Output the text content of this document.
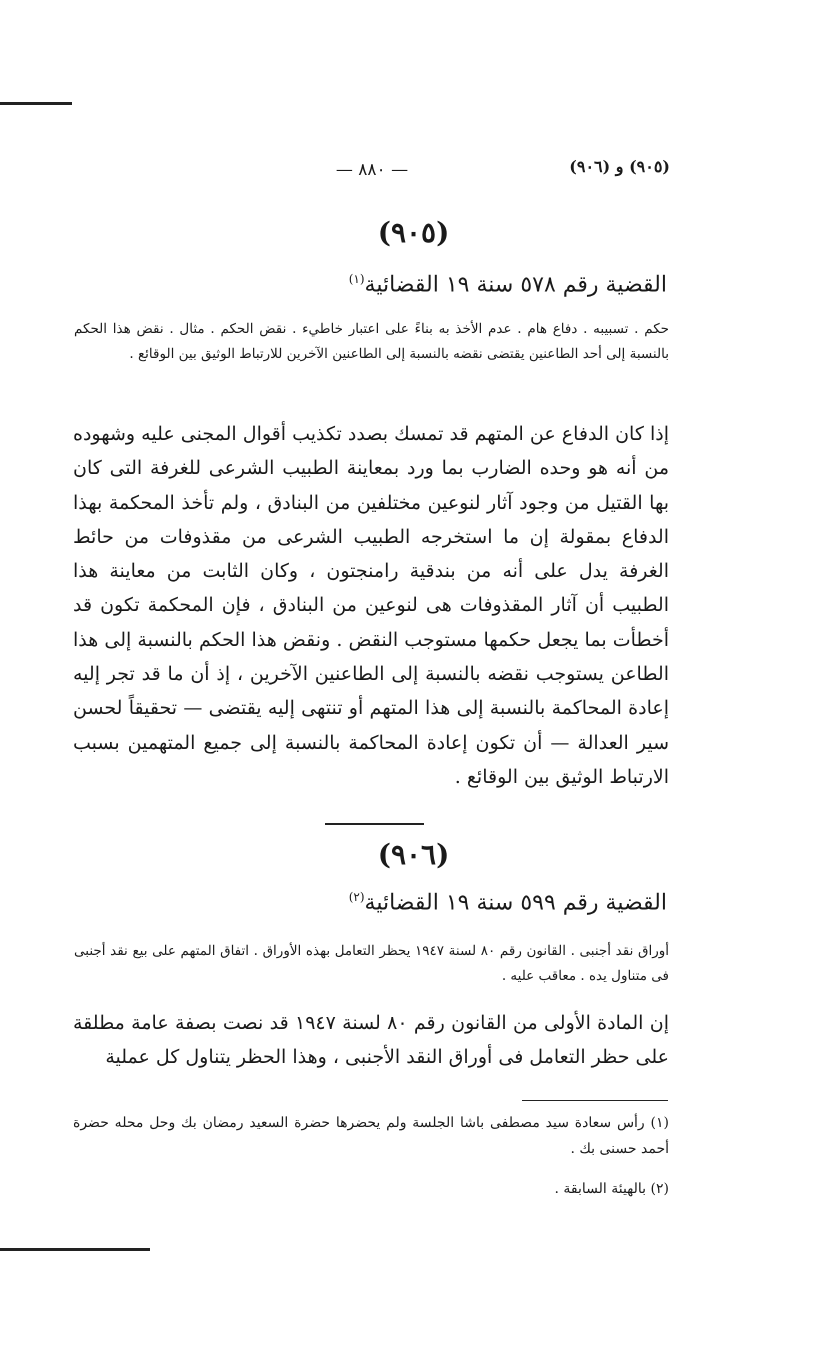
— ٨٨٠ —	(٩٠٥) و (٩٠٦)
(٩٠٥)
القضية رقم ٥٧٨ سنة ١٩ القضائية$^{(١)}$
حكم . تسبيبه . دفاع هام . عدم الأخذ به بناءً على اعتبار خاطيء . نقض الحكم . مثال . نقض هذا الحكم بالنسبة إلى أحد الطاعنين يقتضى نقضه بالنسبة إلى الطاعنين الآخرين للارتباط الوثيق بين الوقائع .
إذا كان الدفاع عن المتهم قد تمسك بصدد تكذيب أقوال المجنى عليه وشهوده من أنه هو وحده الضارب بما ورد بمعاينة الطبيب الشرعى للغرفة التى كان بها القتيل من وجود آثار لنوعين مختلفين من البنادق ، ولم تأخذ المحكمة بهذا الدفاع بمقولة إن ما استخرجه الطبيب الشرعى من مقذوفات من حائط الغرفة يدل على أنه من بندقية رامنجتون ، وكان الثابت من معاينة هذا الطبيب أن آثار المقذوفات هى لنوعين من البنادق ، فإن المحكمة تكون قد أخطأت بما يجعل حكمها مستوجب النقض . ونقض هذا الحكم بالنسبة إلى هذا الطاعن يستوجب نقضه بالنسبة إلى الطاعنين الآخرين ، إذ أن ما قد تجر إليه إعادة المحاكمة بالنسبة إلى هذا المتهم أو تنتهى إليه يقتضى — تحقيقاً لحسن سير العدالة — أن تكون إعادة المحاكمة بالنسبة إلى جميع المتهمين بسبب الارتباط الوثيق بين الوقائع .
(٩٠٦)
القضية رقم ٥٩٩ سنة ١٩ القضائية$^{(٢)}$
أوراق نقد أجنبى . القانون رقم ٨٠ لسنة ١٩٤٧ يحظر التعامل بهذه الأوراق . اتفاق المتهم على بيع نقد أجنبى فى متناول يده . معاقب عليه .
إن المادة الأولى من القانون رقم ٨٠ لسنة ١٩٤٧ قد نصت بصفة عامة مطلقة على حظر التعامل فى أوراق النقد الأجنبى ، وهذا الحظر يتناول كل عملية
(١) رأس سعادة سيد مصطفى باشا الجلسة ولم يحضرها حضرة السعيد رمضان بك وحل محله حضرة أحمد حسنى بك .
(٢) بالهيئة السابقة .
